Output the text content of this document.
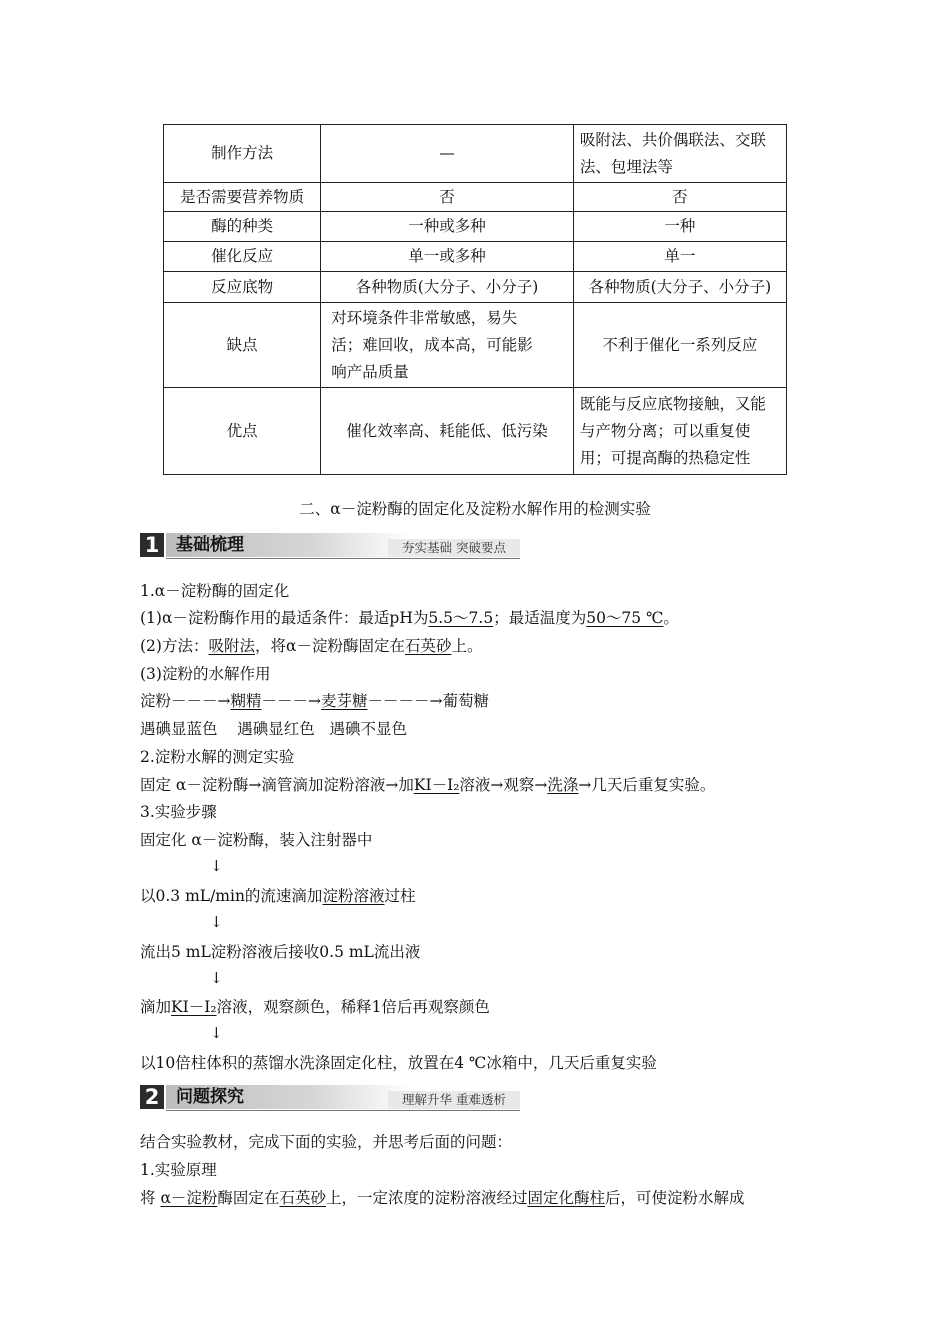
制作方法	—	吸附法、共价偶联法、交联法、包埋法等
是否需要营养物质	否	否
酶的种类	一种或多种	一种
催化反应	单一或多种	单一
反应底物	各种物质(大分子、小分子)	各种物质(大分子、小分子)
缺点	对环境条件非常敏感，易失活；难回收，成本高，可能影响产品质量	不利于催化一系列反应
优点	催化效率高、耗能低、低污染	既能与反应底物接触，又能与产物分离；可以重复使用；可提高酶的热稳定性
二、α－淀粉酶的固定化及淀粉水解作用的检测实验
1 基础梳理	夯实基础 突破要点
1.α－淀粉酶的固定化
(1)α－淀粉酶作用的最适条件：最适pH为5.5～7.5；最适温度为50～75 ℃。
(2)方法：吸附法，将α－淀粉酶固定在石英砂上。
(3)淀粉的水解作用
淀粉－－－→糊精－－－→麦芽糖－－－－→葡萄糖
遇碘显蓝色    遇碘显红色   遇碘不显色
2.淀粉水解的测定实验
固定 α－淀粉酶→滴管滴加淀粉溶液→加KI－I₂溶液→观察→洗涤→几天后重复实验。
3.实验步骤
固定化 α－淀粉酶，装入注射器中
↓
以0.3 mL/min的流速滴加淀粉溶液过柱
↓
流出5 mL淀粉溶液后接收0.5 mL流出液
↓
滴加KI－I₂溶液，观察颜色，稀释1倍后再观察颜色
↓
以10倍柱体积的蒸馏水洗涤固定化柱，放置在4 ℃冰箱中，几天后重复实验
2 问题探究	理解升华 重难透析
结合实验教材，完成下面的实验，并思考后面的问题：
1.实验原理
将 α－淀粉酶固定在石英砂上，一定浓度的淀粉溶液经过固定化酶柱后，可使淀粉水解成
